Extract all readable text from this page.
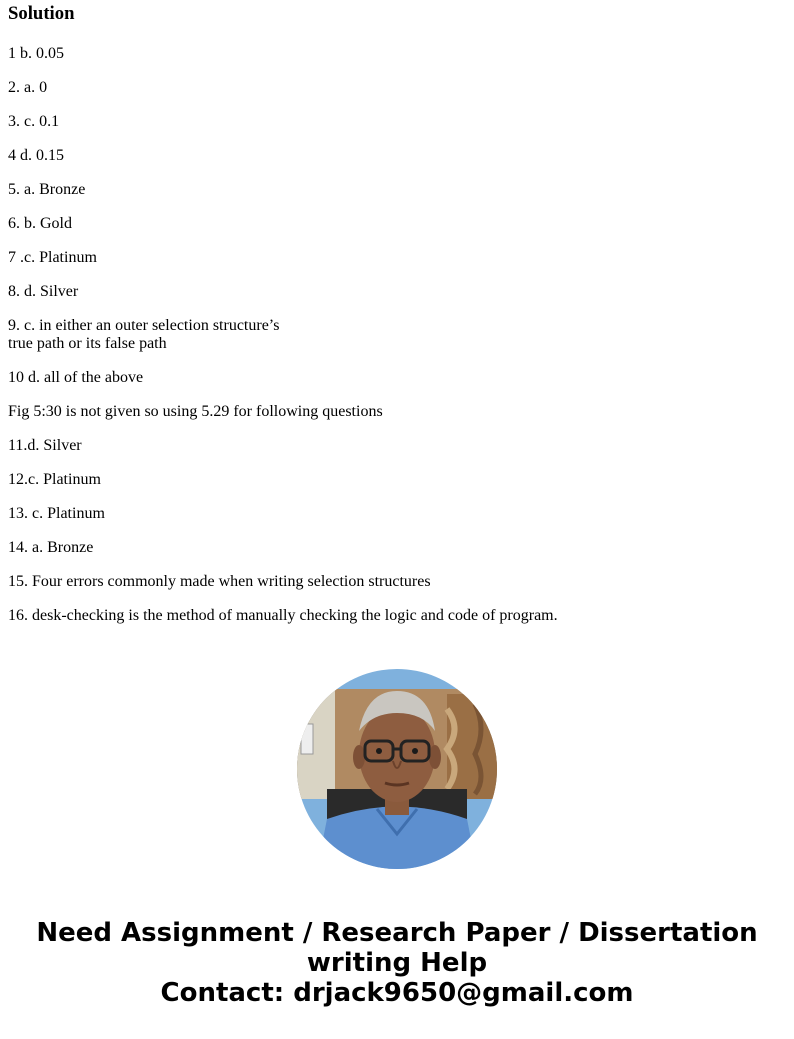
Solution
1 b. 0.05
2. a. 0
3. c. 0.1
4 d. 0.15
5. a. Bronze
6. b. Gold
7 .c. Platinum
8. d. Silver
9. c. in either an outer selection structure’s
true path or its false path
10 d. all of the above
Fig 5:30 is not given so using 5.29 for following questions
11.d. Silver
12.c. Platinum
13. c. Platinum
14. a. Bronze
15. Four errors commonly made when writing selection structures
16. desk-checking is the method of manually checking the logic and code of program.
Need Assignment / Research Paper / Dissertation
writing Help
Contact: drjack9650@gmail.com
